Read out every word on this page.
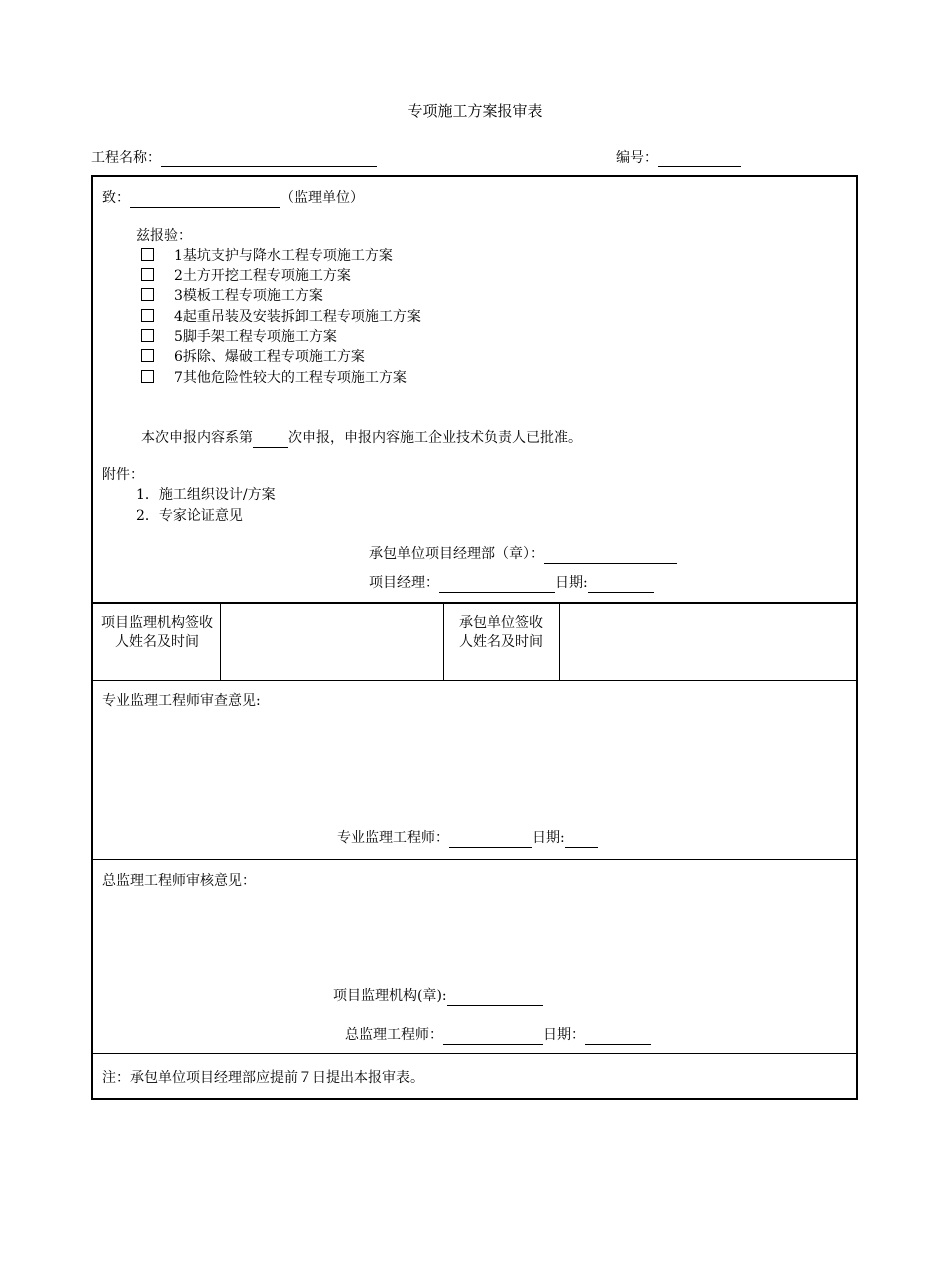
专项施工方案报审表
工程名称：	编号：
致：	（监理单位）
兹报验：
1基坑支护与降水工程专项施工方案
2土方开挖工程专项施工方案
3模板工程专项施工方案
4起重吊装及安装拆卸工程专项施工方案
5脚手架工程专项施工方案
6拆除、爆破工程专项施工方案
7其他危险性较大的工程专项施工方案
本次申报内容系第	次申报，申报内容施工企业技术负责人已批准。
附件：
1．施工组织设计/方案
2．专家论证意见
承包单位项目经理部（章）：
项目经理：	日期:
项目监理机构签收人姓名及时间
承包单位签收人姓名及时间
专业监理工程师审查意见:
专业监理工程师：	日期:
总监理工程师审核意见：
项目监理机构(章):
总监理工程师：	日期：
注：承包单位项目经理部应提前７日提出本报审表。
